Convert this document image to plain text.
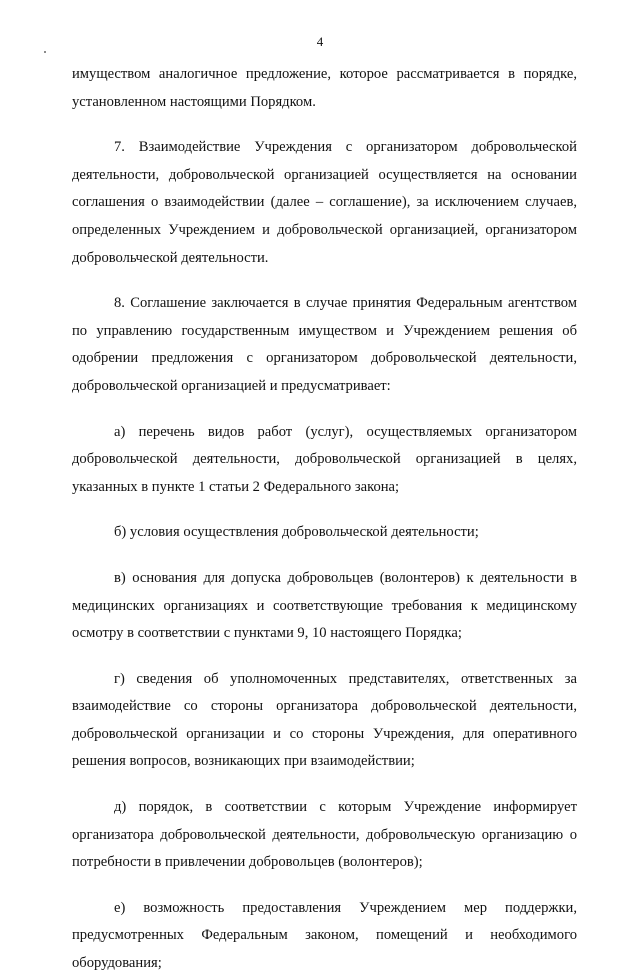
4

имуществом аналогичное предложение, которое рассматривается в порядке, установленном настоящими Порядком.

7. Взаимодействие Учреждения с организатором добровольческой деятельности, добровольческой организацией осуществляется на основании соглашения о взаимодействии (далее – соглашение), за исключением случаев, определенных Учреждением и добровольческой организацией, организатором добровольческой деятельности.

8. Соглашение заключается в случае принятия Федеральным агентством по управлению государственным имуществом и Учреждением решения об одобрении предложения с организатором добровольческой деятельности, добровольческой организацией и предусматривает:

а) перечень видов работ (услуг), осуществляемых организатором добровольческой деятельности, добровольческой организацией в целях, указанных в пункте 1 статьи 2 Федерального закона;

б) условия осуществления добровольческой деятельности;

в) основания для допуска добровольцев (волонтеров) к деятельности в медицинских организациях и соответствующие требования к медицинскому осмотру в соответствии с пунктами 9, 10 настоящего Порядка;

г) сведения об уполномоченных представителях, ответственных за взаимодействие со стороны организатора добровольческой деятельности, добровольческой организации и со стороны Учреждения, для оперативного решения вопросов, возникающих при взаимодействии;

д) порядок, в соответствии с которым Учреждение информирует организатора добровольческой деятельности, добровольческую организацию о потребности в привлечении добровольцев (волонтеров);

е) возможность предоставления Учреждением мер поддержки, предусмотренных Федеральным законом, помещений и необходимого оборудования;
